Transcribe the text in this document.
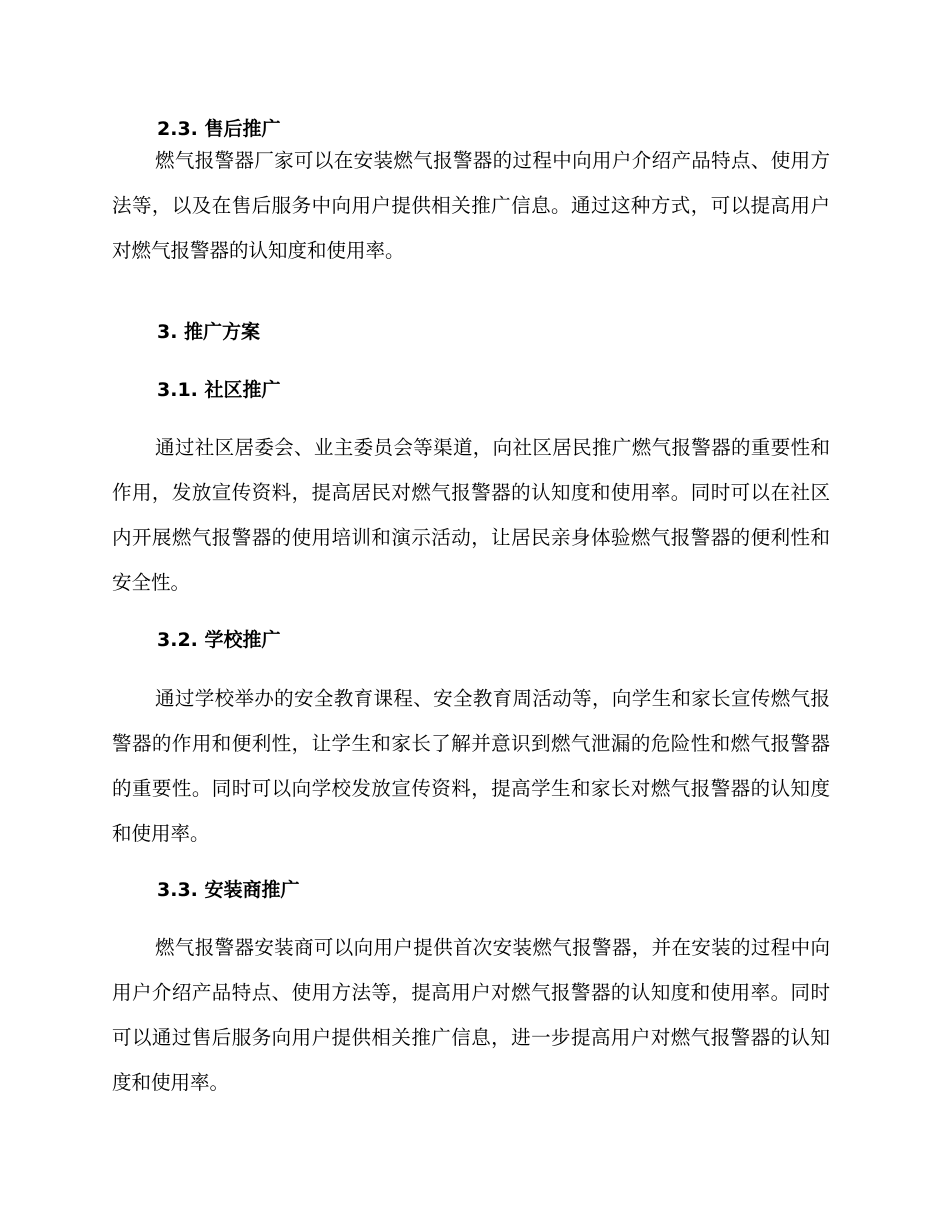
2.3. 售后推广

燃气报警器厂家可以在安装燃气报警器的过程中向用户介绍产品特点、使用方法等，以及在售后服务中向用户提供相关推广信息。通过这种方式，可以提高用户对燃气报警器的认知度和使用率。

3. 推广方案
3.1. 社区推广

通过社区居委会、业主委员会等渠道，向社区居民推广燃气报警器的重要性和作用，发放宣传资料，提高居民对燃气报警器的认知度和使用率。同时可以在社区内开展燃气报警器的使用培训和演示活动，让居民亲身体验燃气报警器的便利性和安全性。

3.2. 学校推广

通过学校举办的安全教育课程、安全教育周活动等，向学生和家长宣传燃气报警器的作用和便利性，让学生和家长了解并意识到燃气泄漏的危险性和燃气报警器的重要性。同时可以向学校发放宣传资料，提高学生和家长对燃气报警器的认知度和使用率。

3.3. 安装商推广

燃气报警器安装商可以向用户提供首次安装燃气报警器，并在安装的过程中向用户介绍产品特点、使用方法等，提高用户对燃气报警器的认知度和使用率。同时可以通过售后服务向用户提供相关推广信息，进一步提高用户对燃气报警器的认知度和使用率。
